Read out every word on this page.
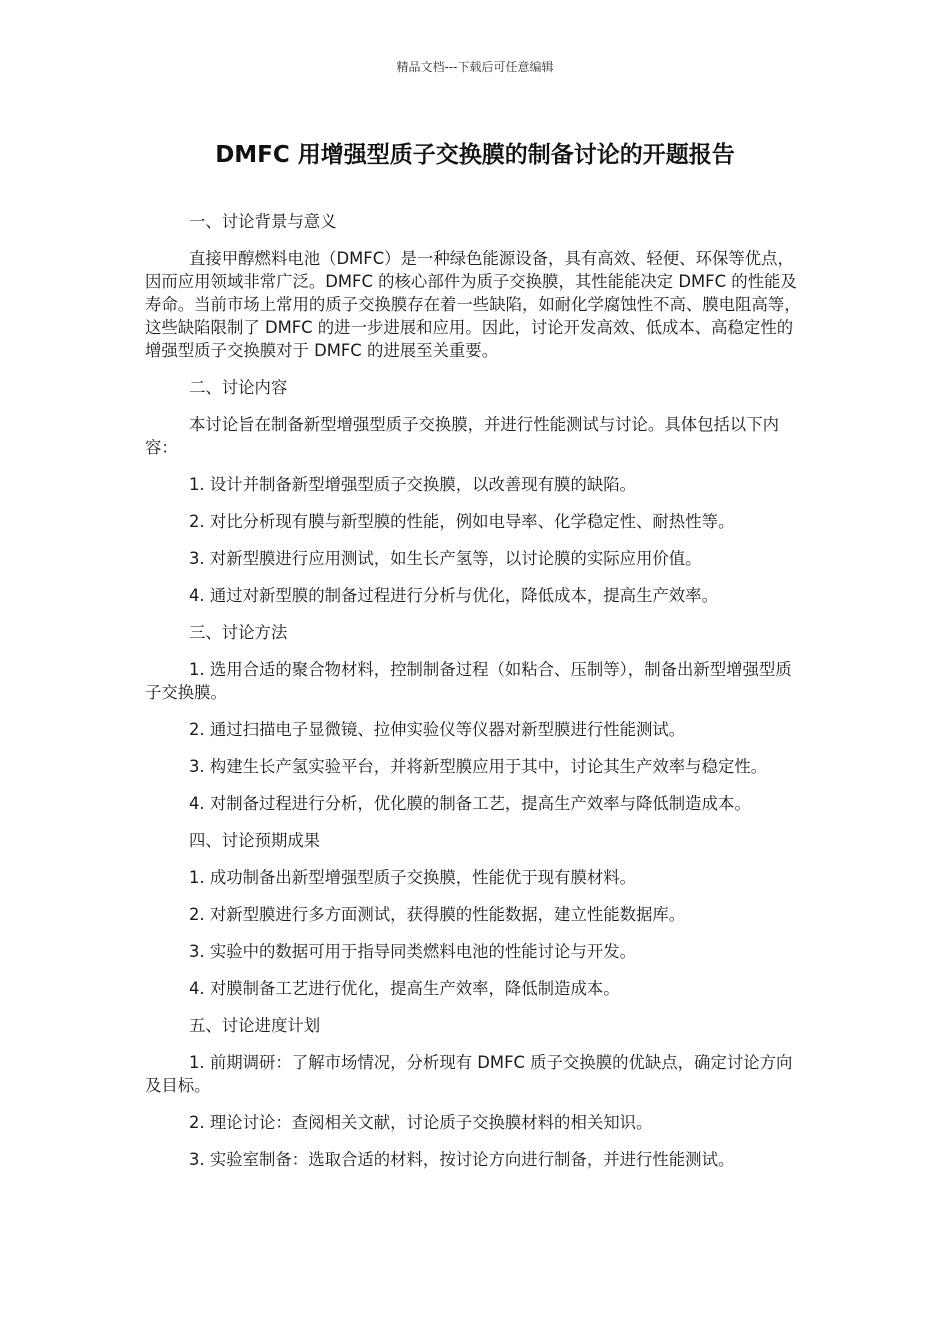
精品文档---下载后可任意编辑
DMFC 用增强型质子交换膜的制备讨论的开题报告

一、讨论背景与意义

直接甲醇燃料电池（DMFC）是一种绿色能源设备，具有高效、轻便、环保等优点，因而应用领域非常广泛。DMFC 的核心部件为质子交换膜，其性能能决定 DMFC 的性能及寿命。当前市场上常用的质子交换膜存在着一些缺陷，如耐化学腐蚀性不高、膜电阻高等，这些缺陷限制了 DMFC 的进一步进展和应用。因此，讨论开发高效、低成本、高稳定性的增强型质子交换膜对于 DMFC 的进展至关重要。

二、讨论内容

本讨论旨在制备新型增强型质子交换膜，并进行性能测试与讨论。具体包括以下内容：

1. 设计并制备新型增强型质子交换膜，以改善现有膜的缺陷。

2. 对比分析现有膜与新型膜的性能，例如电导率、化学稳定性、耐热性等。

3. 对新型膜进行应用测试，如生长产氢等，以讨论膜的实际应用价值。

4. 通过对新型膜的制备过程进行分析与优化，降低成本，提高生产效率。

三、讨论方法

1. 选用合适的聚合物材料，控制制备过程（如粘合、压制等），制备出新型增强型质子交换膜。

2. 通过扫描电子显微镜、拉伸实验仪等仪器对新型膜进行性能测试。

3. 构建生长产氢实验平台，并将新型膜应用于其中，讨论其生产效率与稳定性。

4. 对制备过程进行分析，优化膜的制备工艺，提高生产效率与降低制造成本。

四、讨论预期成果

1. 成功制备出新型增强型质子交换膜，性能优于现有膜材料。

2. 对新型膜进行多方面测试，获得膜的性能数据，建立性能数据库。

3. 实验中的数据可用于指导同类燃料电池的性能讨论与开发。

4. 对膜制备工艺进行优化，提高生产效率，降低制造成本。

五、讨论进度计划

1. 前期调研：了解市场情况，分析现有 DMFC 质子交换膜的优缺点，确定讨论方向及目标。

2. 理论讨论：查阅相关文献，讨论质子交换膜材料的相关知识。

3. 实验室制备：选取合适的材料，按讨论方向进行制备，并进行性能测试。
